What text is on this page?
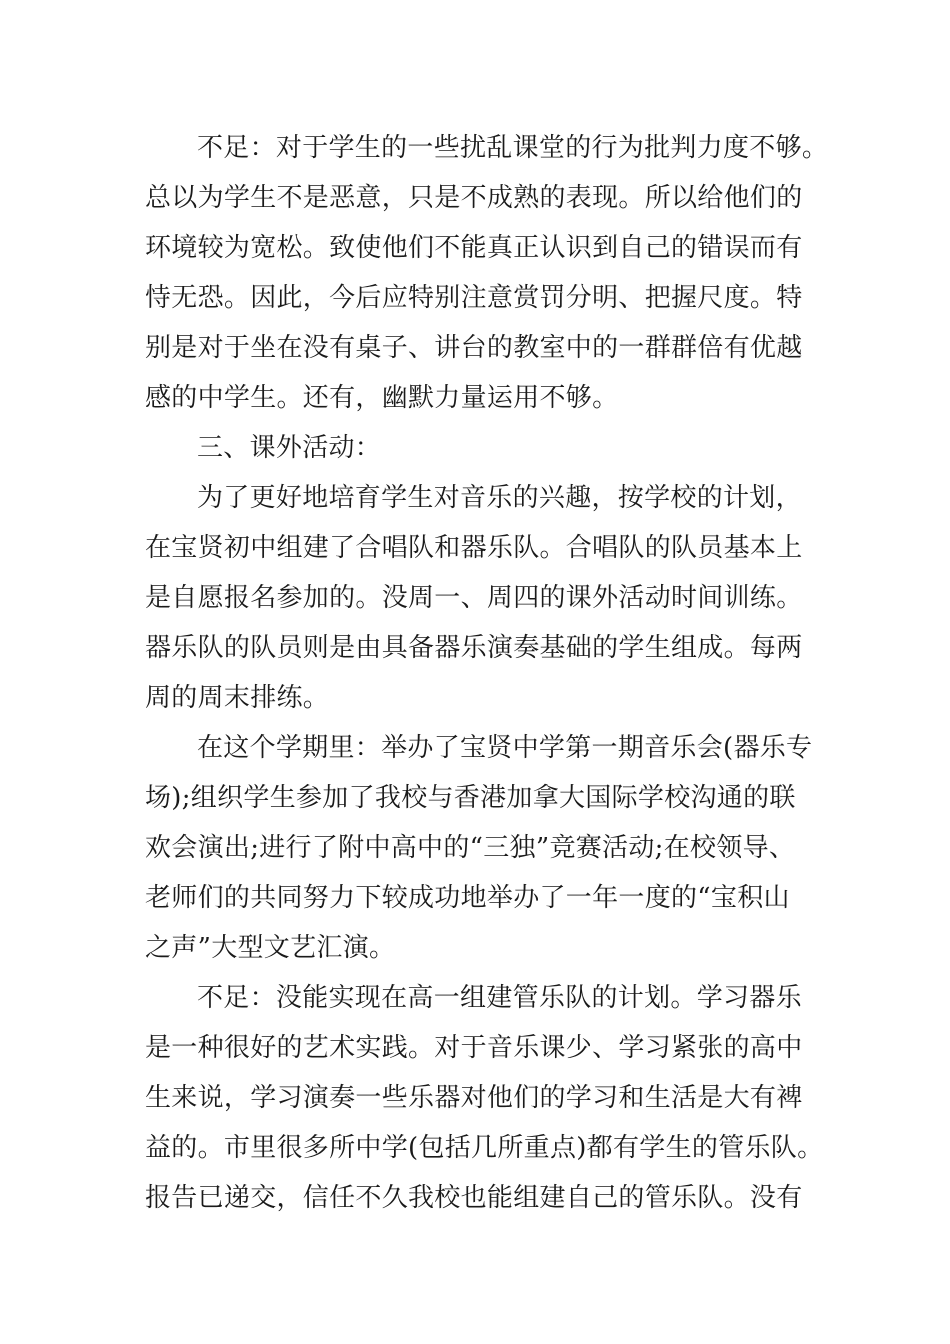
不足：对于学生的一些扰乱课堂的行为批判力度不够。
总以为学生不是恶意，只是不成熟的表现。所以给他们的
环境较为宽松。致使他们不能真正认识到自己的错误而有
恃无恐。因此，今后应特别注意赏罚分明、把握尺度。特
别是对于坐在没有桌子、讲台的教室中的一群群倍有优越
感的中学生。还有，幽默力量运用不够。
三、课外活动：
为了更好地培育学生对音乐的兴趣，按学校的计划，
在宝贤初中组建了合唱队和器乐队。合唱队的队员基本上
是自愿报名参加的。没周一、周四的课外活动时间训练。
器乐队的队员则是由具备器乐演奏基础的学生组成。每两
周的周末排练。
在这个学期里：举办了宝贤中学第一期音乐会(器乐专
场);组织学生参加了我校与香港加拿大国际学校沟通的联
欢会演出;进行了附中高中的“三独”竞赛活动;在校领导、
老师们的共同努力下较成功地举办了一年一度的“宝积山
之声”大型文艺汇演。
不足：没能实现在高一组建管乐队的计划。学习器乐
是一种很好的艺术实践。对于音乐课少、学习紧张的高中
生来说，学习演奏一些乐器对他们的学习和生活是大有裨
益的。市里很多所中学(包括几所重点)都有学生的管乐队。
报告已递交，信任不久我校也能组建自己的管乐队。没有
